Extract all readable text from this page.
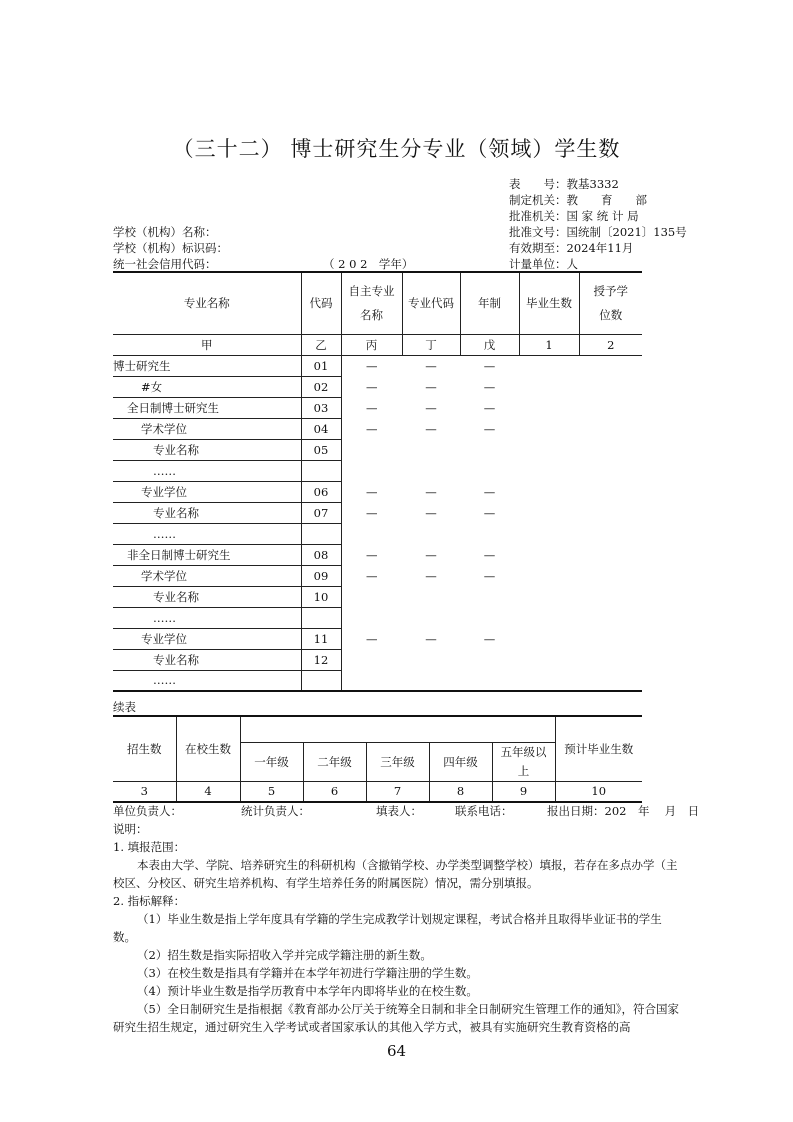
（三十二） 博士研究生分专业（领域）学生数
表　　号：教基3332
制定机关：教　　育　　部
批准机关：国 家 统 计 局
批准文号：国统制〔2021〕135号
有效期至：2024年11月
计量单位：人
学校（机构）名称：
学校（机构）标识码：
统一社会信用代码：	（ 2 0 2　学年）
专业名称	代码	自主专业名称	专业代码	年制	毕业生数	授予学位数
甲	乙	丙	丁	戊	1	2
博士研究生	01	—	—	—		
#女	02	—	—	—		
全日制博士研究生	03	—	—	—		
学术学位	04	—	—	—		
专业名称	05					
……						
专业学位	06	—	—	—		
专业名称	07	—	—	—		
……						
非全日制博士研究生	08	—	—	—		
学术学位	09	—	—	—		
专业名称	10					
……						
专业学位	11	—	—	—		
专业名称	12					
……						
续表
招生数	在校生数						预计毕业生数
		一年级	二年级	三年级	四年级	五年级以上	
3	4	5	6	7	8	9	10
单位负责人：	统计负责人：	填表人：	联系电话：	报出日期：202　年　 月　日
说明：
1. 填报范围：
本表由大学、学院、培养研究生的科研机构（含撤销学校、办学类型调整学校）填报，若存在多点办学（主校区、分校区、研究生培养机构、有学生培养任务的附属医院）情况，需分别填报。
2. 指标解释：
（1）毕业生数是指上学年度具有学籍的学生完成教学计划规定课程，考试合格并且取得毕业证书的学生数。
（2）招生数是指实际招收入学并完成学籍注册的新生数。
（3）在校生数是指具有学籍并在本学年初进行学籍注册的学生数。
（4）预计毕业生数是指学历教育中本学年内即将毕业的在校生数。
（5）全日制研究生是指根据《教育部办公厅关于统筹全日制和非全日制研究生管理工作的通知》，符合国家研究生招生规定，通过研究生入学考试或者国家承认的其他入学方式，被具有实施研究生教育资格的高
64
